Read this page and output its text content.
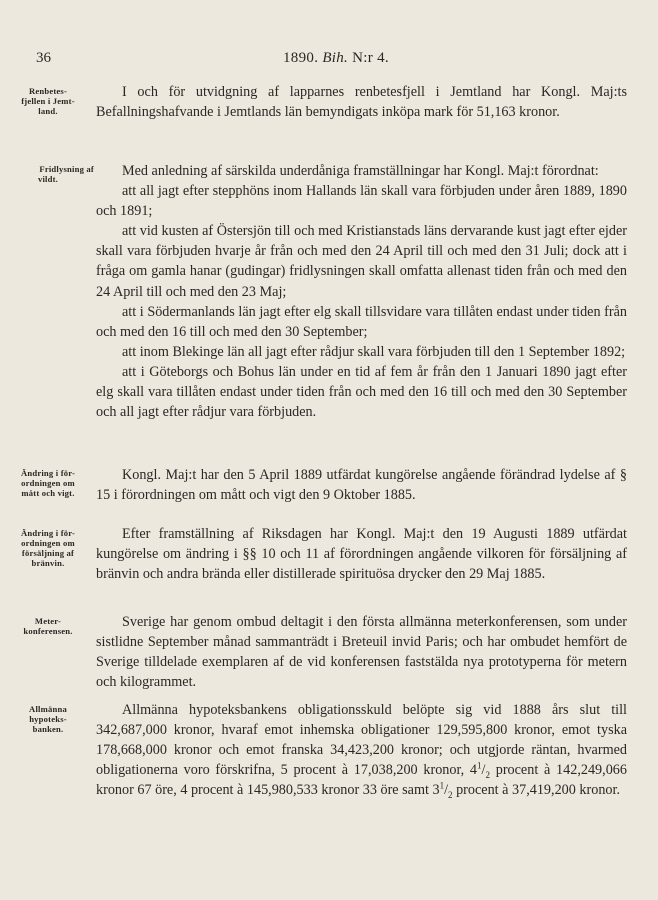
36	1890. Bih. N:r 4.
Renbetes-
fjellen i Jemt-
land.

I och för utvidgning af lapparnes renbetesfjell i Jemtland har Kongl. Maj:ts Befallningshafvande i Jemtlands län bemyndigats inköpa mark för 51,163 kronor.

Fridlysning af
vildt.	Med anledning af särskilda underdåniga framställningar har Kongl. Maj:t förordnat:

att all jagt efter stepphöns inom Hallands län skall vara förbjuden under åren 1889, 1890 och 1891;

att vid kusten af Östersjön till och med Kristianstads läns dervarande kust jagt efter ejder skall vara förbjuden hvarje år från och med den 24 April till och med den 31 Juli; dock att i fråga om gamla hanar (gudingar) fridlysningen skall omfatta allenast tiden från och med den 24 April till och med den 23 Maj;

att i Södermanlands län jagt efter elg skall tillsvidare vara tillåten endast under tiden från och med den 16 till och med den 30 September;

att inom Blekinge län all jagt efter rådjur skall vara förbjuden till den 1 September 1892;

att i Göteborgs och Bohus län under en tid af fem år från den 1 Januari 1890 jagt efter elg skall vara tillåten endast under tiden från och med den 16 till och med den 30 September och all jagt efter rådjur vara förbjuden.

Ändring i för-
ordningen om
mått och vigt.

Kongl. Maj:t har den 5 April 1889 utfärdat kungörelse angående förändrad lydelse af § 15 i förordningen om mått och vigt den 9 Oktober 1885.

Ändring i för-
ordningen om
försäljning af
bränvin.

Efter framställning af Riksdagen har Kongl. Maj:t den 19 Augusti 1889 utfärdat kungörelse om ändring i §§ 10 och 11 af förordningen angående vilkoren för försäljning af bränvin och andra brända eller distillerade spirituösa drycker den 29 Maj 1885.

Meter-
konferensen.

Sverige har genom ombud deltagit i den första allmänna meterkonferensen, som under sistlidne September månad sammanträdt i Breteuil invid Paris; och har ombudet hemfört de Sverige tilldelade exemplaren af de vid konferensen faststälda nya prototyperna för metern och kilogrammet.

Allmänna
hypoteks-
banken.

Allmänna hypoteksbankens obligationsskuld belöpte sig vid 1888 års slut till 342,687,000 kronor, hvaraf emot inhemska obligationer 129,595,800 kronor, emot tyska 178,668,000 kronor och emot franska 34,423,200 kronor; och utgjorde räntan, hvarmed obligationerna voro förskrifna, 5 procent à 17,038,200 kronor, $4^1/_2$ procent à 142,249,066 kronor 67 öre, 4 procent à 145,980,533 kronor 33 öre samt $3^1/_2$ procent à 37,419,200 kronor.
